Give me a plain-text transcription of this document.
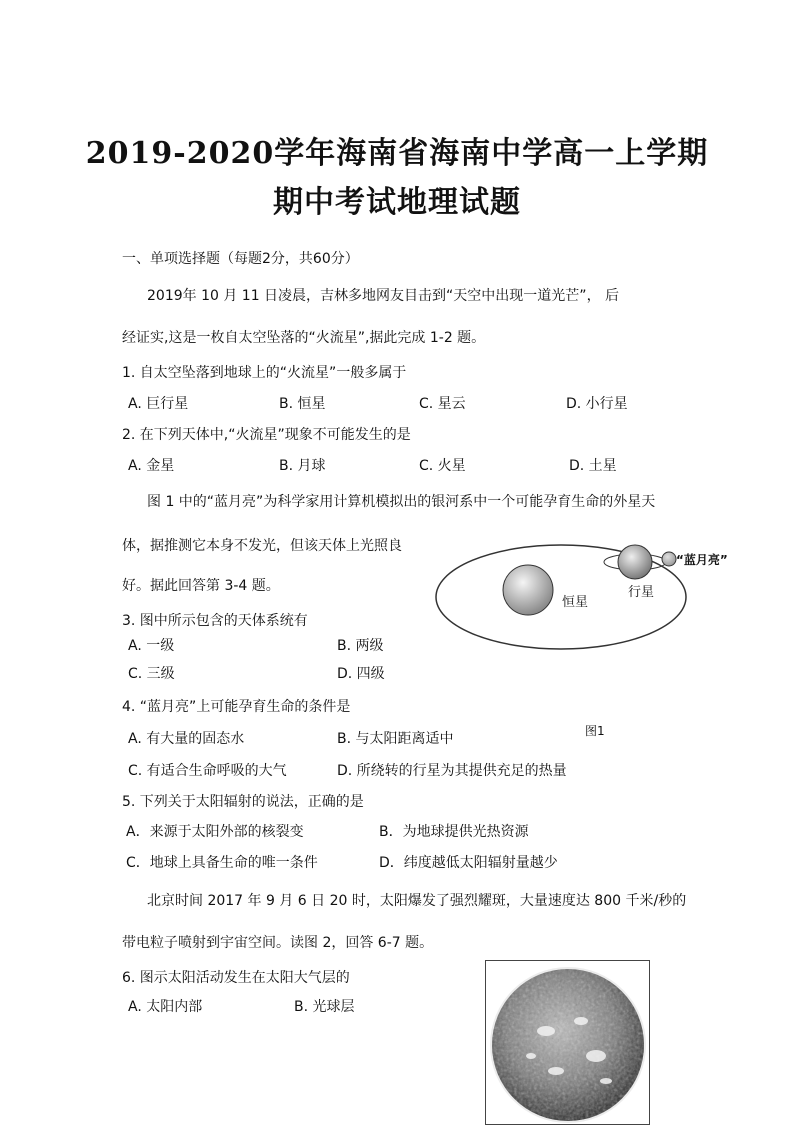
2019-2020学年海南省海南中学高一上学期
期中考试地理试题
一、单项选择题（每题2分，共60分）
2019年 10 月 11 日凌晨，吉林多地网友目击到“天空中出现一道光芒”， 后
经证实,这是一枚自太空坠落的“火流星”,据此完成 1-2 题。
1. 自太空坠落到地球上的“火流星”一般多属于
A. 巨行星	B. 恒星	C. 星云	D. 小行星
2. 在下列天体中,“火流星”现象不可能发生的是
A. 金星	B. 月球	C. 火星	D. 土星
图 1 中的“蓝月亮”为科学家用计算机模拟出的银河系中一个可能孕育生命的外星天
体，据推测它本身不发光，但该天体上光照良
好。据此回答第 3-4 题。
恒星
行星
“蓝月亮”
3. 图中所示包含的天体系统有
A. 一级	B. 两级
C. 三级	D. 四级
4. “蓝月亮”上可能孕育生命的条件是
图1
A. 有大量的固态水	B. 与太阳距离适中
C. 有适合生命呼吸的大气	D. 所绕转的行星为其提供充足的热量
5. 下列关于太阳辐射的说法，正确的是
A．来源于太阳外部的核裂变	B．为地球提供光热资源
C．地球上具备生命的唯一条件	D．纬度越低太阳辐射量越少
北京时间 2017 年 9 月 6 日 20 时，太阳爆发了强烈耀斑，大量速度达 800 千米/秒的
带电粒子喷射到宇宙空间。读图 2，回答 6-7 题。
6. 图示太阳活动发生在太阳大气层的
A. 太阳内部	B. 光球层
